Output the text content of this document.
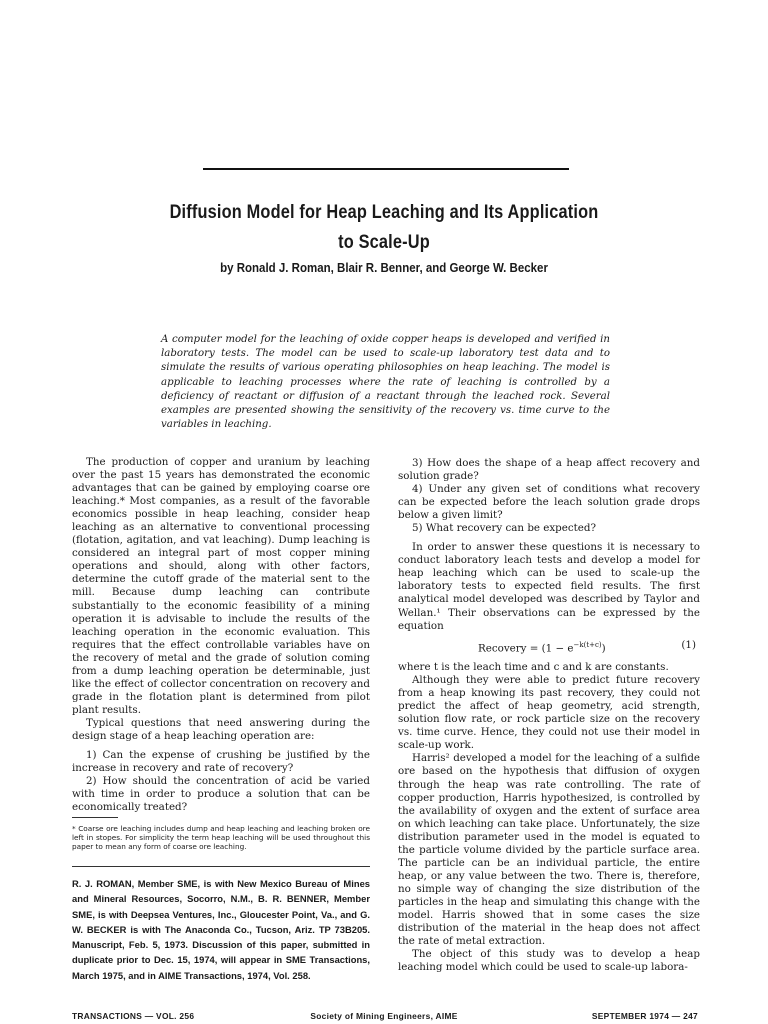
Diffusion Model for Heap Leaching and Its Application
to Scale-Up
by Ronald J. Roman, Blair R. Benner, and George W. Becker

A computer model for the leaching of oxide copper heaps is developed and verified in laboratory tests. The model can be used to scale-up laboratory test data and to simulate the results of various operating philosophies on heap leaching. The model is applicable to leaching processes where the rate of leaching is controlled by a deficiency of reactant or diffusion of a reactant through the leached rock. Several examples are presented showing the sensitivity of the recovery vs. time curve to the variables in leaching.

The production of copper and uranium by leaching over the past 15 years has demonstrated the economic advantages that can be gained by employing coarse ore leaching.* Most companies, as a result of the favorable economics possible in heap leaching, consider heap leaching as an alternative to conventional processing (flotation, agitation, and vat leaching). Dump leaching is considered an integral part of most copper mining operations and should, along with other factors, determine the cutoff grade of the material sent to the mill. Because dump leaching can contribute substantially to the economic feasibility of a mining operation it is advisable to include the results of the leaching operation in the economic evaluation. This requires that the effect controllable variables have on the recovery of metal and the grade of solution coming from a dump leaching operation be determinable, just like the effect of collector concentration on recovery and grade in the flotation plant is determined from pilot plant results.

Typical questions that need answering during the design stage of a heap leaching operation are:

1) Can the expense of crushing be justified by the increase in recovery and rate of recovery?

2) How should the concentration of acid be varied with time in order to produce a solution that can be economically treated?

* Coarse ore leaching includes dump and heap leaching and leaching broken ore left in stopes. For simplicity the term heap leaching will be used throughout this paper to mean any form of coarse ore leaching.

R. J. ROMAN, Member SME, is with New Mexico Bureau of Mines and Mineral Resources, Socorro, N.M., B. R. BENNER, Member SME, is with Deepsea Ventures, Inc., Gloucester Point, Va., and G. W. BECKER is with The Anaconda Co., Tucson, Ariz. TP 73B205. Manuscript, Feb. 5, 1973. Discussion of this paper, submitted in duplicate prior to Dec. 15, 1974, will appear in SME Transactions, March 1975, and in AIME Transactions, 1974, Vol. 258.

3) How does the shape of a heap affect recovery and solution grade?

4) Under any given set of conditions what recovery can be expected before the leach solution grade drops below a given limit?

5) What recovery can be expected?

In order to answer these questions it is necessary to conduct laboratory leach tests and develop a model for heap leaching which can be used to scale-up the laboratory tests to expected field results. The first analytical model developed was described by Taylor and Wellan.¹ Their observations can be expressed by the equation

Recovery = $(1 - e^{-k(t+c)})$	(1)

where t is the leach time and c and k are constants.

Although they were able to predict future recovery from a heap knowing its past recovery, they could not predict the affect of heap geometry, acid strength, solution flow rate, or rock particle size on the recovery vs. time curve. Hence, they could not use their model in scale-up work.

Harris² developed a model for the leaching of a sulfide ore based on the hypothesis that diffusion of oxygen through the heap was rate controlling. The rate of copper production, Harris hypothesized, is controlled by the availability of oxygen and the extent of surface area on which leaching can take place. Unfortunately, the size distribution parameter used in the model is equated to the particle volume divided by the particle surface area. The particle can be an individual particle, the entire heap, or any value between the two. There is, therefore, no simple way of changing the size distribution of the particles in the heap and simulating this change with the model. Harris showed that in some cases the size distribution of the material in the heap does not affect the rate of metal extraction.

The object of this study was to develop a heap leaching model which could be used to scale-up labora-

TRANSACTIONS — VOL. 256	Society of Mining Engineers, AIME	SEPTEMBER 1974 — 247
